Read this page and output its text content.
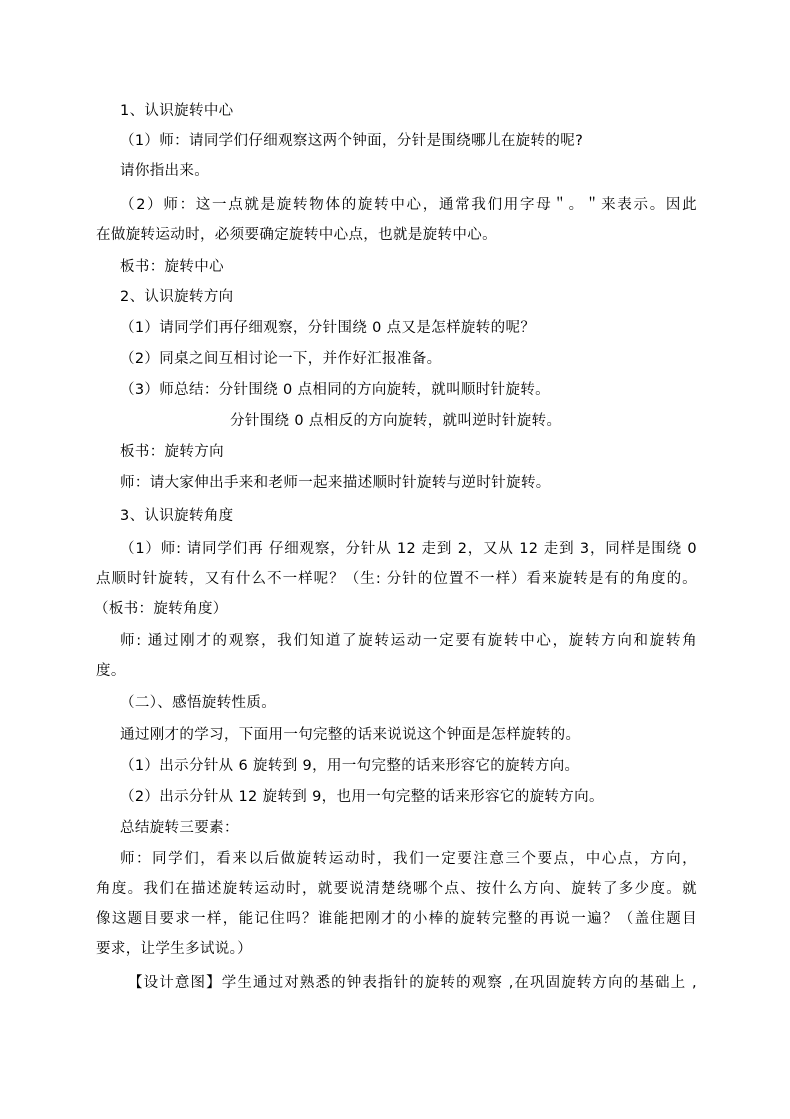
1、认识旋转中心

（1）师：请同学们仔细观察这两个钟面，分针是围绕哪儿在旋转的呢?

请你指出来。

（2）师：这一点就是旋转物体的旋转中心，通常我们用字母＂。＂来表示。因此

在做旋转运动时，必须要确定旋转中心点，也就是旋转中心。

板书：旋转中心

2、认识旋转方向

（1）请同学们再仔细观察，分针围绕 0 点又是怎样旋转的呢？

（2）同桌之间互相讨论一下，并作好汇报准备。

（3）师总结：分针围绕 0 点相同的方向旋转，就叫顺时针旋转。

分针围绕 0 点相反的方向旋转，就叫逆时针旋转。

板书：旋转方向

师：请大家伸出手来和老师一起来描述顺时针旋转与逆时针旋转。

3、认识旋转角度

（1）师: 请同学们再 仔细观察，分针从 12 走到 2，又从 12 走到 3，同样是围绕 0

点顺时针旋转，又有什么不一样呢？（生: 分针的位置不一样）看来旋转是有的角度的。

（板书：旋转角度）

师: 通过刚才的观察，我们知道了旋转运动一定要有旋转中心，旋转方向和旋转角

度。

（二）、感悟旋转性质。

通过刚才的学习，下面用一句完整的话来说说这个钟面是怎样旋转的。

（1）出示分针从 6 旋转到 9，用一句完整的话来形容它的旋转方向。

（2）出示分针从 12 旋转到 9，也用一句完整的话来形容它的旋转方向。

总结旋转三要素：

师：同学们，看来以后做旋转运动时，我们一定要注意三个要点，中心点，方向，

角度。我们在描述旋转运动时，就要说清楚绕哪个点、按什么方向、旋转了多少度。就

像这题目要求一样，能记住吗？谁能把刚才的小棒的旋转完整的再说一遍？（盖住题目

要求，让学生多试说。）

【设计意图】学生通过对熟悉的钟表指针的旋转的观察 ,在巩固旋转方向的基础上 ,
